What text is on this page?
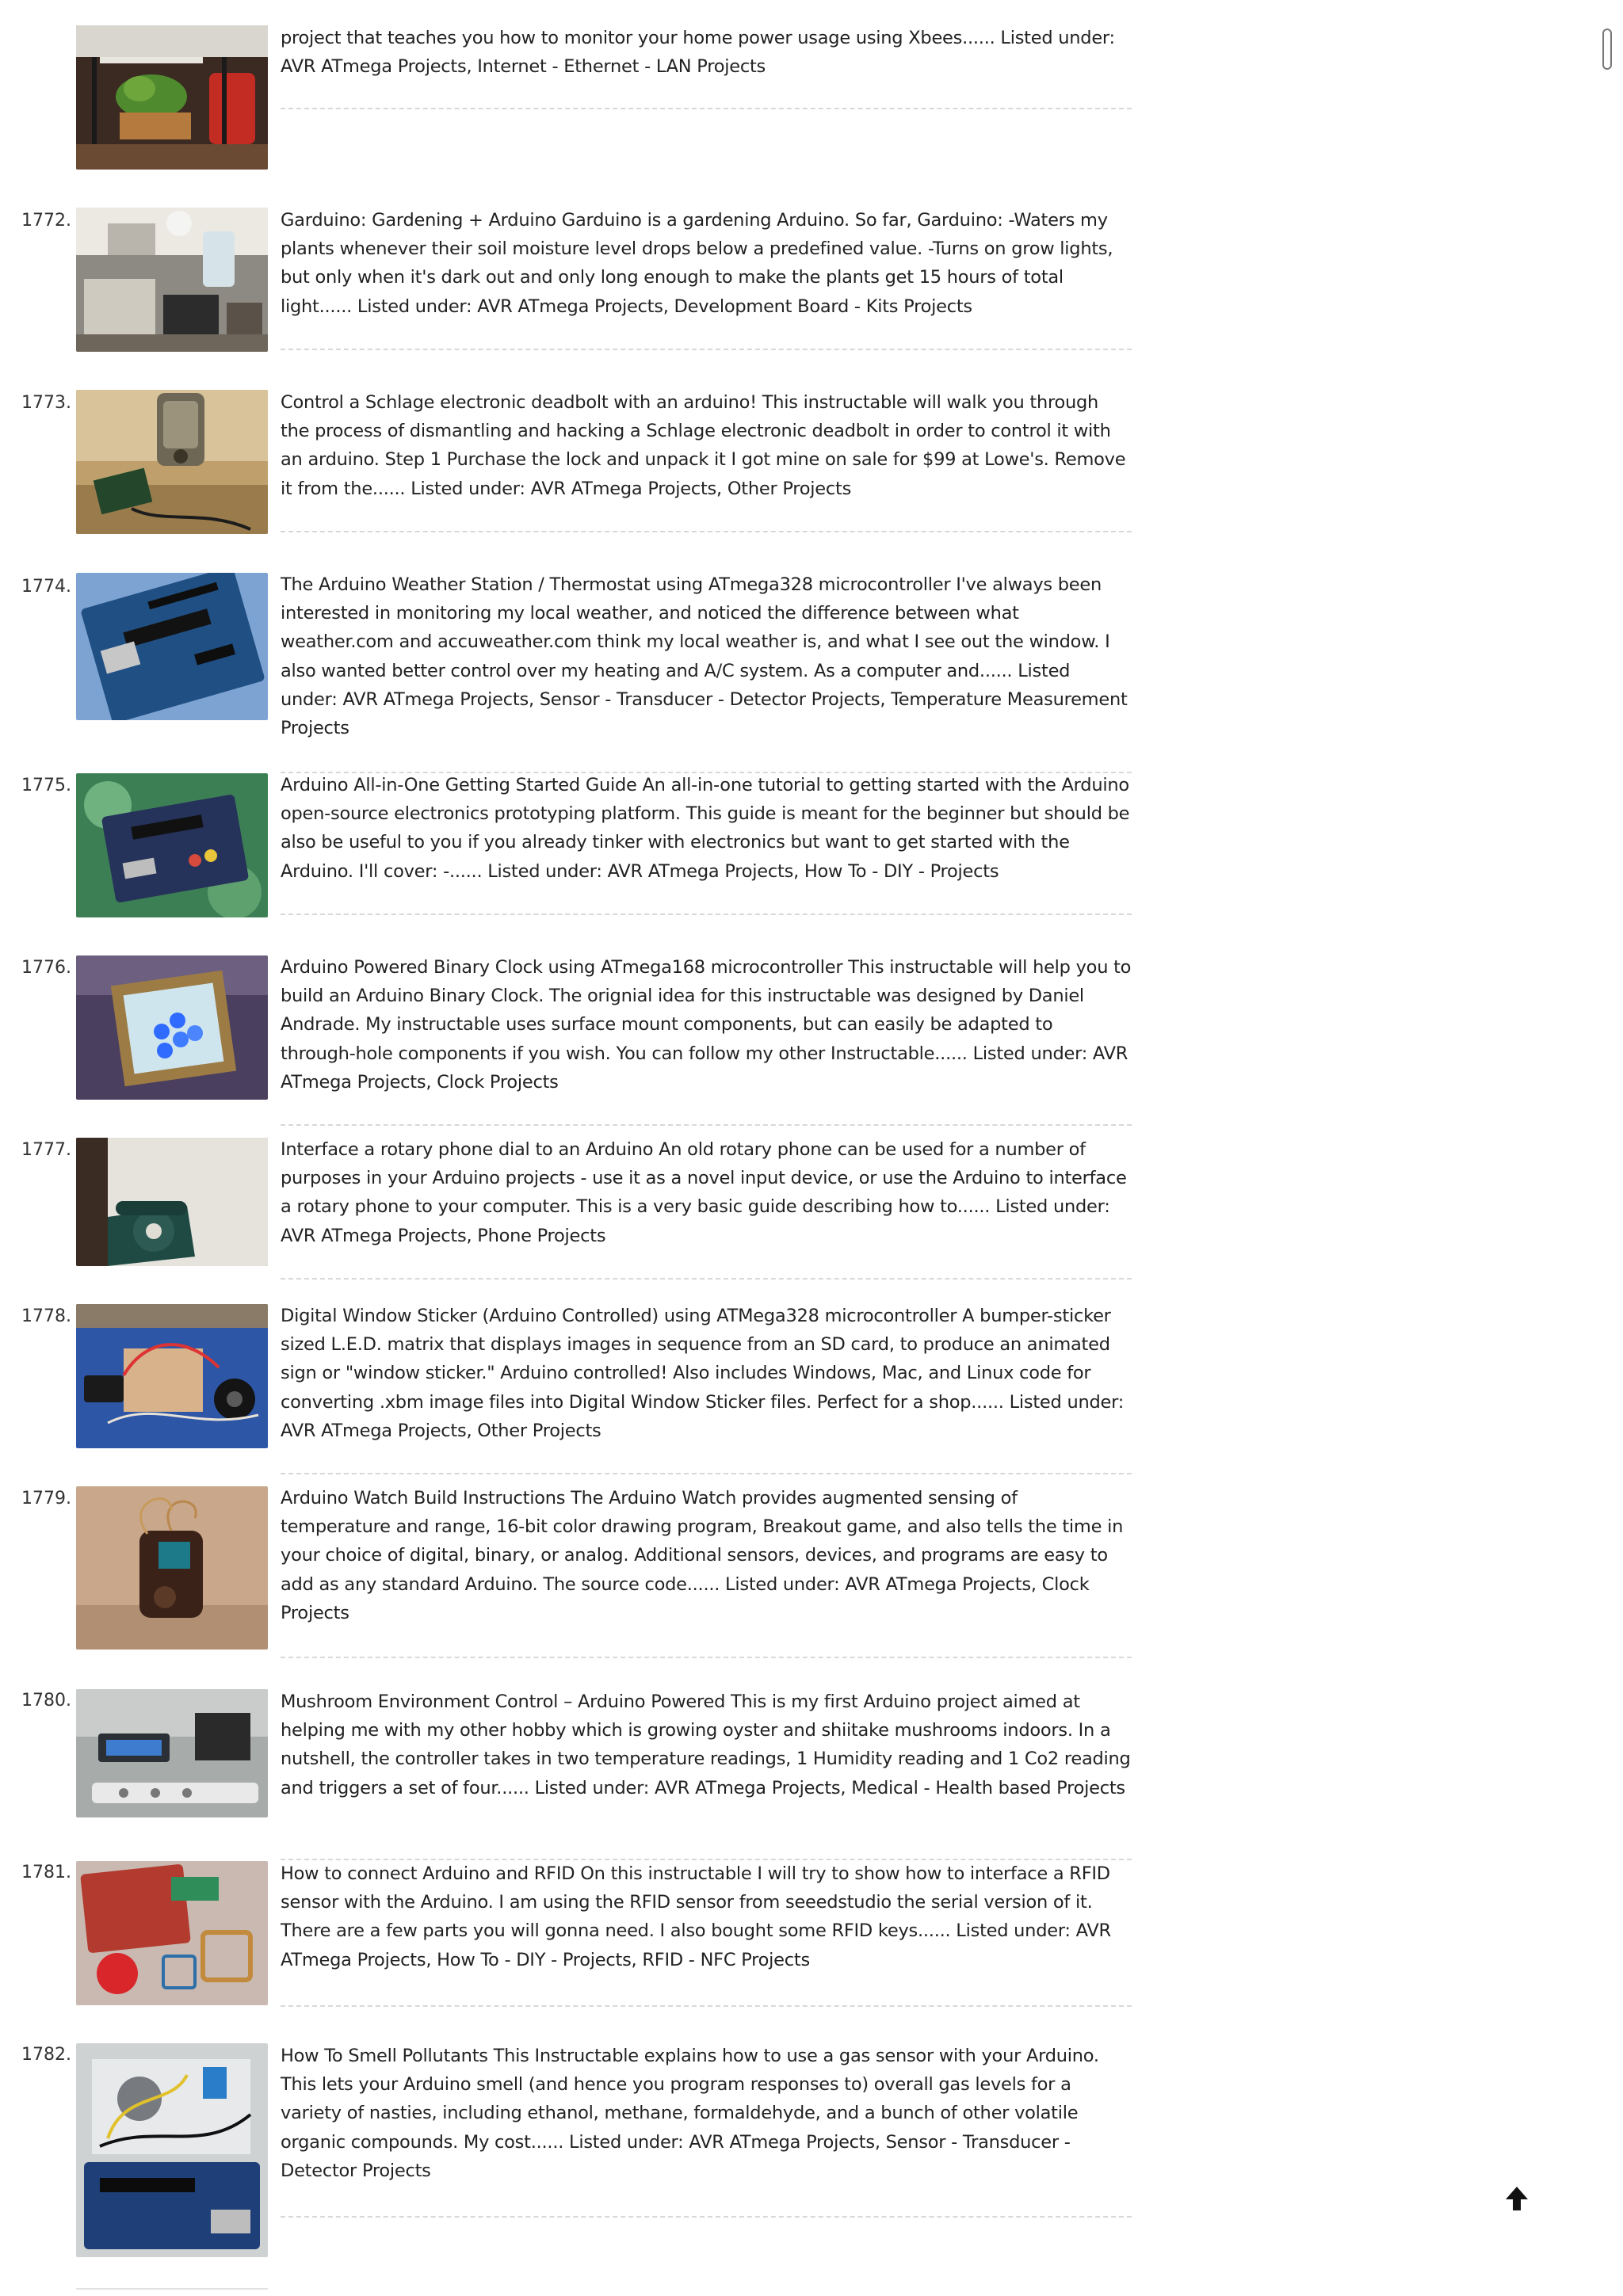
project that teaches you how to monitor your home power usage using Xbees...... Listed under: AVR ATmega Projects, Internet - Ethernet - LAN Projects

1772.	Garduino: Gardening + Arduino Garduino is a gardening Arduino. So far, Garduino: -Waters my plants whenever their soil moisture level drops below a predefined value. -Turns on grow lights, but only when it's dark out and only long enough to make the plants get 15 hours of total light...... Listed under: AVR ATmega Projects, Development Board - Kits Projects

1773.	Control a Schlage electronic deadbolt with an arduino! This instructable will walk you through the process of dismantling and hacking a Schlage electronic deadbolt in order to control it with an arduino. Step 1 Purchase the lock and unpack it I got mine on sale for $99 at Lowe's. Remove it from the...... Listed under: AVR ATmega Projects, Other Projects

1774.	The Arduino Weather Station / Thermostat using ATmega328 microcontroller I've always been interested in monitoring my local weather, and noticed the difference between what weather.com and accuweather.com think my local weather is, and what I see out the window. I also wanted better control over my heating and A/C system. As a computer and...... Listed under: AVR ATmega Projects, Sensor - Transducer - Detector Projects, Temperature Measurement Projects

1775.	Arduino All-in-One Getting Started Guide An all-in-one tutorial to getting started with the Arduino open-source electronics prototyping platform. This guide is meant for the beginner but should be also be useful to you if you already tinker with electronics but want to get started with the Arduino. I'll cover: -...... Listed under: AVR ATmega Projects, How To - DIY - Projects

1776.	Arduino Powered Binary Clock using ATmega168 microcontroller This instructable will help you to build an Arduino Binary Clock. The orignial idea for this instructable was designed by Daniel Andrade. My instructable uses surface mount components, but can easily be adapted to through-hole components if you wish. You can follow my other Instructable...... Listed under: AVR ATmega Projects, Clock Projects

1777.	Interface a rotary phone dial to an Arduino An old rotary phone can be used for a number of purposes in your Arduino projects - use it as a novel input device, or use the Arduino to interface a rotary phone to your computer. This is a very basic guide describing how to...... Listed under: AVR ATmega Projects, Phone Projects

1778.	Digital Window Sticker (Arduino Controlled) using ATMega328 microcontroller A bumper-sticker sized L.E.D. matrix that displays images in sequence from an SD card, to produce an animated sign or "window sticker." Arduino controlled! Also includes Windows, Mac, and Linux code for converting .xbm image files into Digital Window Sticker files. Perfect for a shop...... Listed under: AVR ATmega Projects, Other Projects

1779.	Arduino Watch Build Instructions The Arduino Watch provides augmented sensing of temperature and range, 16-bit color drawing program, Breakout game, and also tells the time in your choice of digital, binary, or analog. Additional sensors, devices, and programs are easy to add as any standard Arduino. The source code...... Listed under: AVR ATmega Projects, Clock Projects

1780.	Mushroom Environment Control – Arduino Powered This is my first Arduino project aimed at helping me with my other hobby which is growing oyster and shiitake mushrooms indoors. In a nutshell, the controller takes in two temperature readings, 1 Humidity reading and 1 Co2 reading and triggers a set of four...... Listed under: AVR ATmega Projects, Medical - Health based Projects

1781.	How to connect Arduino and RFID On this instructable I will try to show how to interface a RFID sensor with the Arduino. I am using the RFID sensor from seeedstudio the serial version of it. There are a few parts you will gonna need. I also bought some RFID keys...... Listed under: AVR ATmega Projects, How To - DIY - Projects, RFID - NFC Projects

1782.	How To Smell Pollutants This Instructable explains how to use a gas sensor with your Arduino. This lets your Arduino smell (and hence you program responses to) overall gas levels for a variety of nasties, including ethanol, methane, formaldehyde, and a bunch of other volatile organic compounds. My cost...... Listed under: AVR ATmega Projects, Sensor - Transducer - Detector Projects
